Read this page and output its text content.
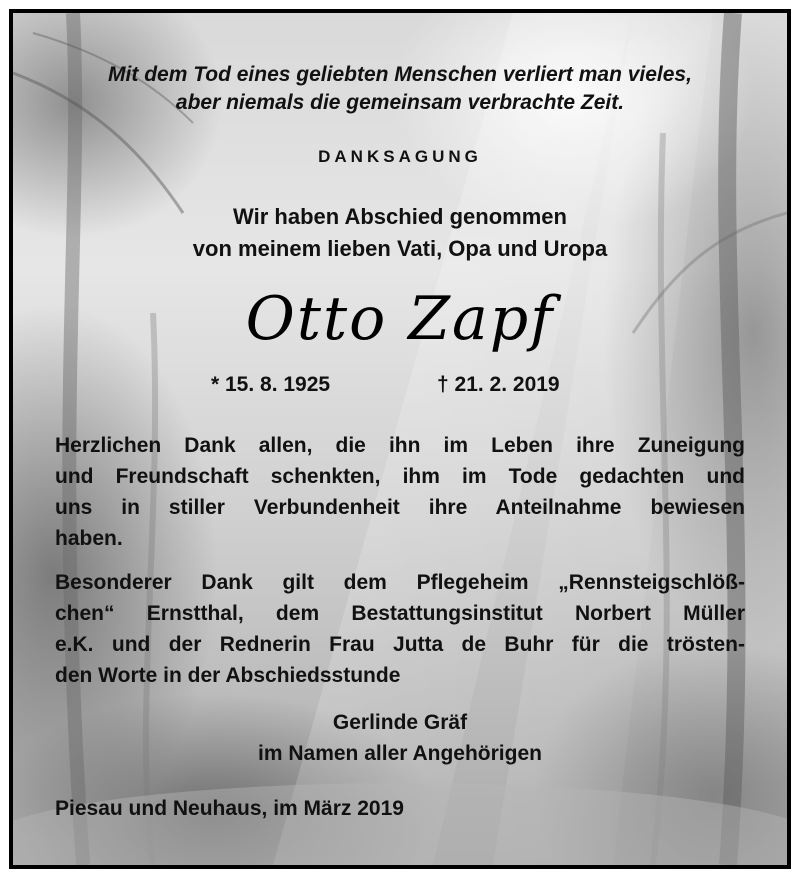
Mit dem Tod eines geliebten Menschen verliert man vieles,
aber niemals die gemeinsam verbrachte Zeit.
DANKSAGUNG
Wir haben Abschied genommen
von meinem lieben Vati, Opa und Uropa
Otto Zapf
* 15. 8. 1925	† 21. 2. 2019
Herzlichen Dank allen, die ihn im Leben ihre Zuneigung
und Freundschaft schenkten, ihm im Tode gedachten und
uns in stiller Verbundenheit ihre Anteilnahme bewiesen
haben.
Besonderer Dank gilt dem Pflegeheim „Rennsteigschlöß-
chen“ Ernstthal, dem Bestattungsinstitut Norbert Müller
e.K. und der Rednerin Frau Jutta de Buhr für die trösten-
den Worte in der Abschiedsstunde
Gerlinde Gräf
im Namen aller Angehörigen
Piesau und Neuhaus, im März 2019
